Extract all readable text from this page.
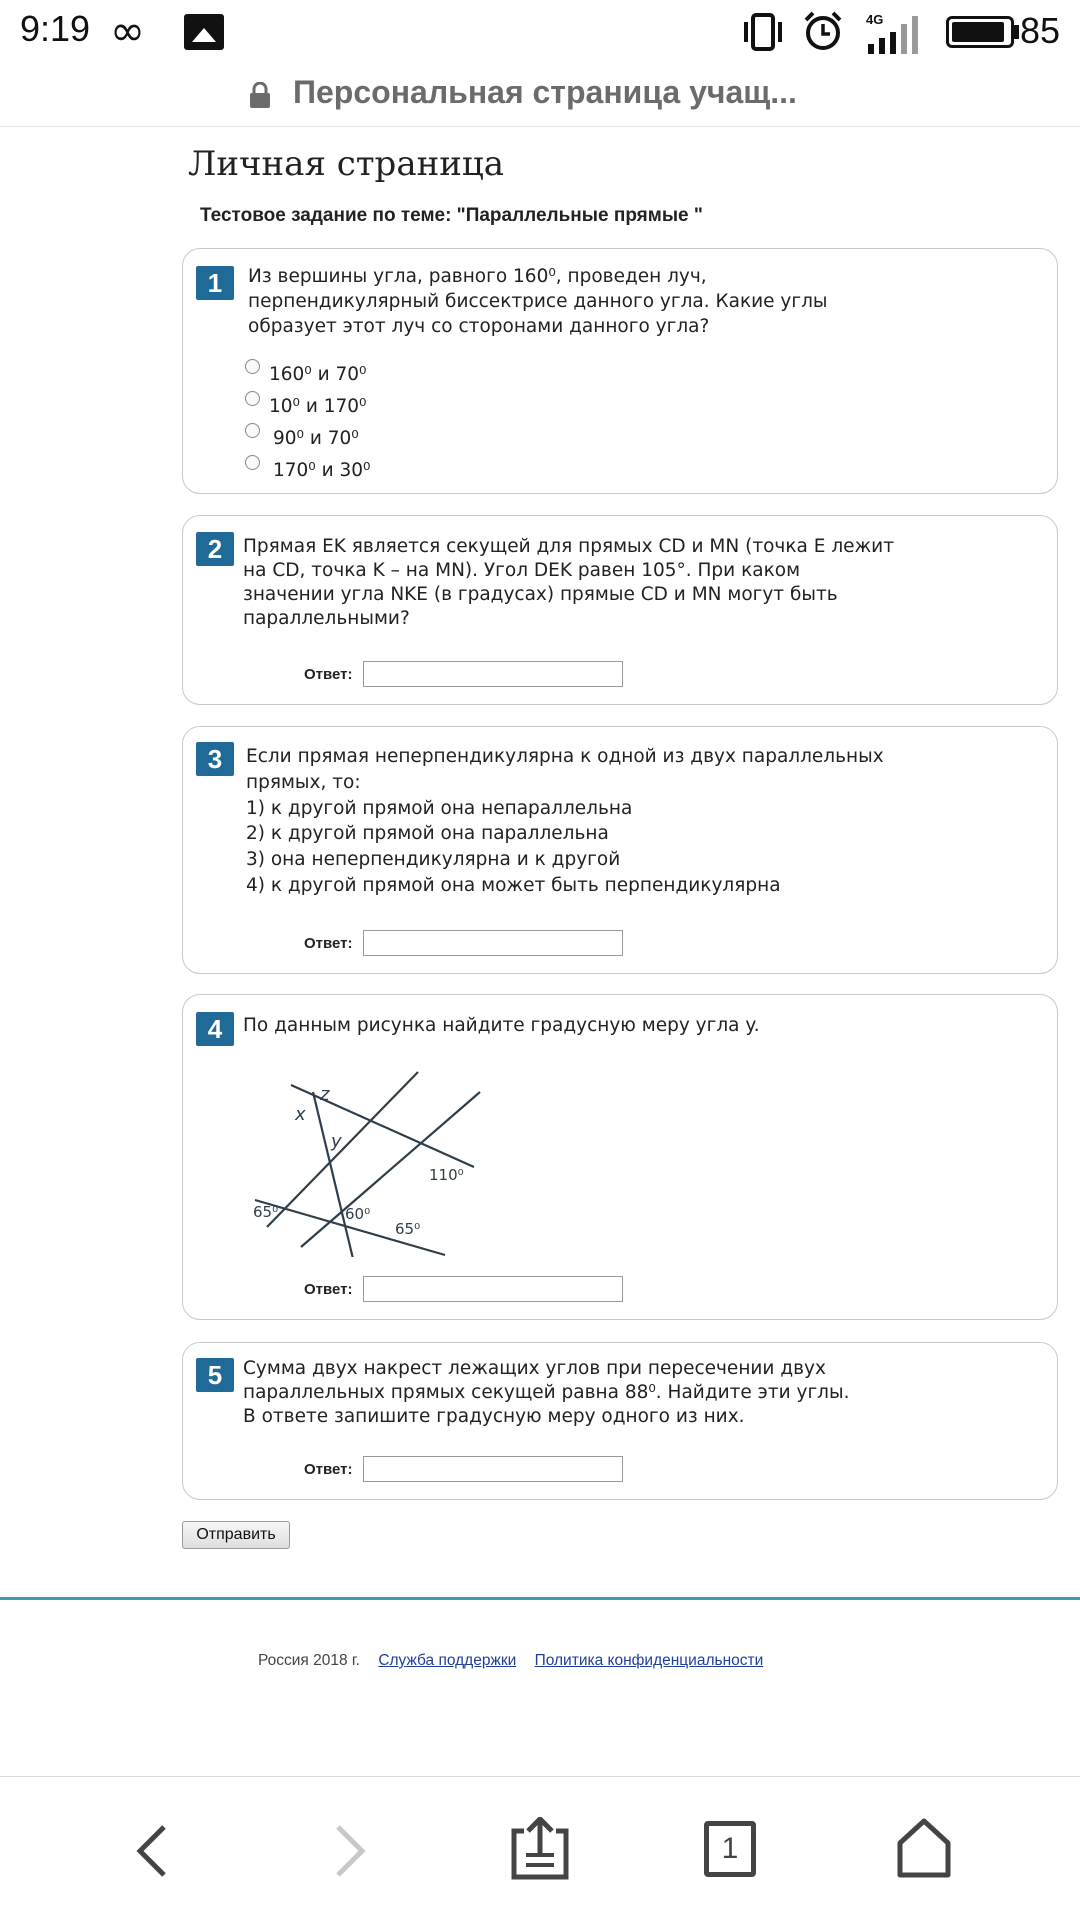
9:19 ∞	4G	85
Персональная страница учащ...
Личная страница
Тестовое задание по теме: "Параллельные прямые "
1	Из вершины угла, равного 160⁰, проведен луч,
перпендикулярный биссектрисе данного угла. Какие углы
образует этот луч со сторонами данного угла?
160⁰ и 70⁰
10⁰ и 170⁰
90⁰ и 70⁰
170⁰ и 30⁰
2	Прямая EK является секущей для прямых CD и MN (точка E лежит
на CD, точка K – на MN). Угол DEK равен 105°. При каком
значении угла NKE (в градусах) прямые CD и MN могут быть
параллельными?
Ответ:
3	Если прямая неперпендикулярна к одной из двух параллельных
прямых, то:
1) к другой прямой она непараллельна
2) к другой прямой она параллельна
3) она неперпендикулярна и к другой
4) к другой прямой она может быть перпендикулярна
Ответ:
4	По данным рисунка найдите градусную меру угла y.
z
x
y
110⁰
65⁰	60⁰
65⁰
Ответ:
5	Сумма двух накрест лежащих углов при пересечении двух
параллельных прямых секущей равна 88⁰. Найдите эти углы.
В ответе запишите градусную меру одного из них.
Ответ:
Отправить
Россия 2018 г. Служба поддержки Политика конфиденциальности
1
